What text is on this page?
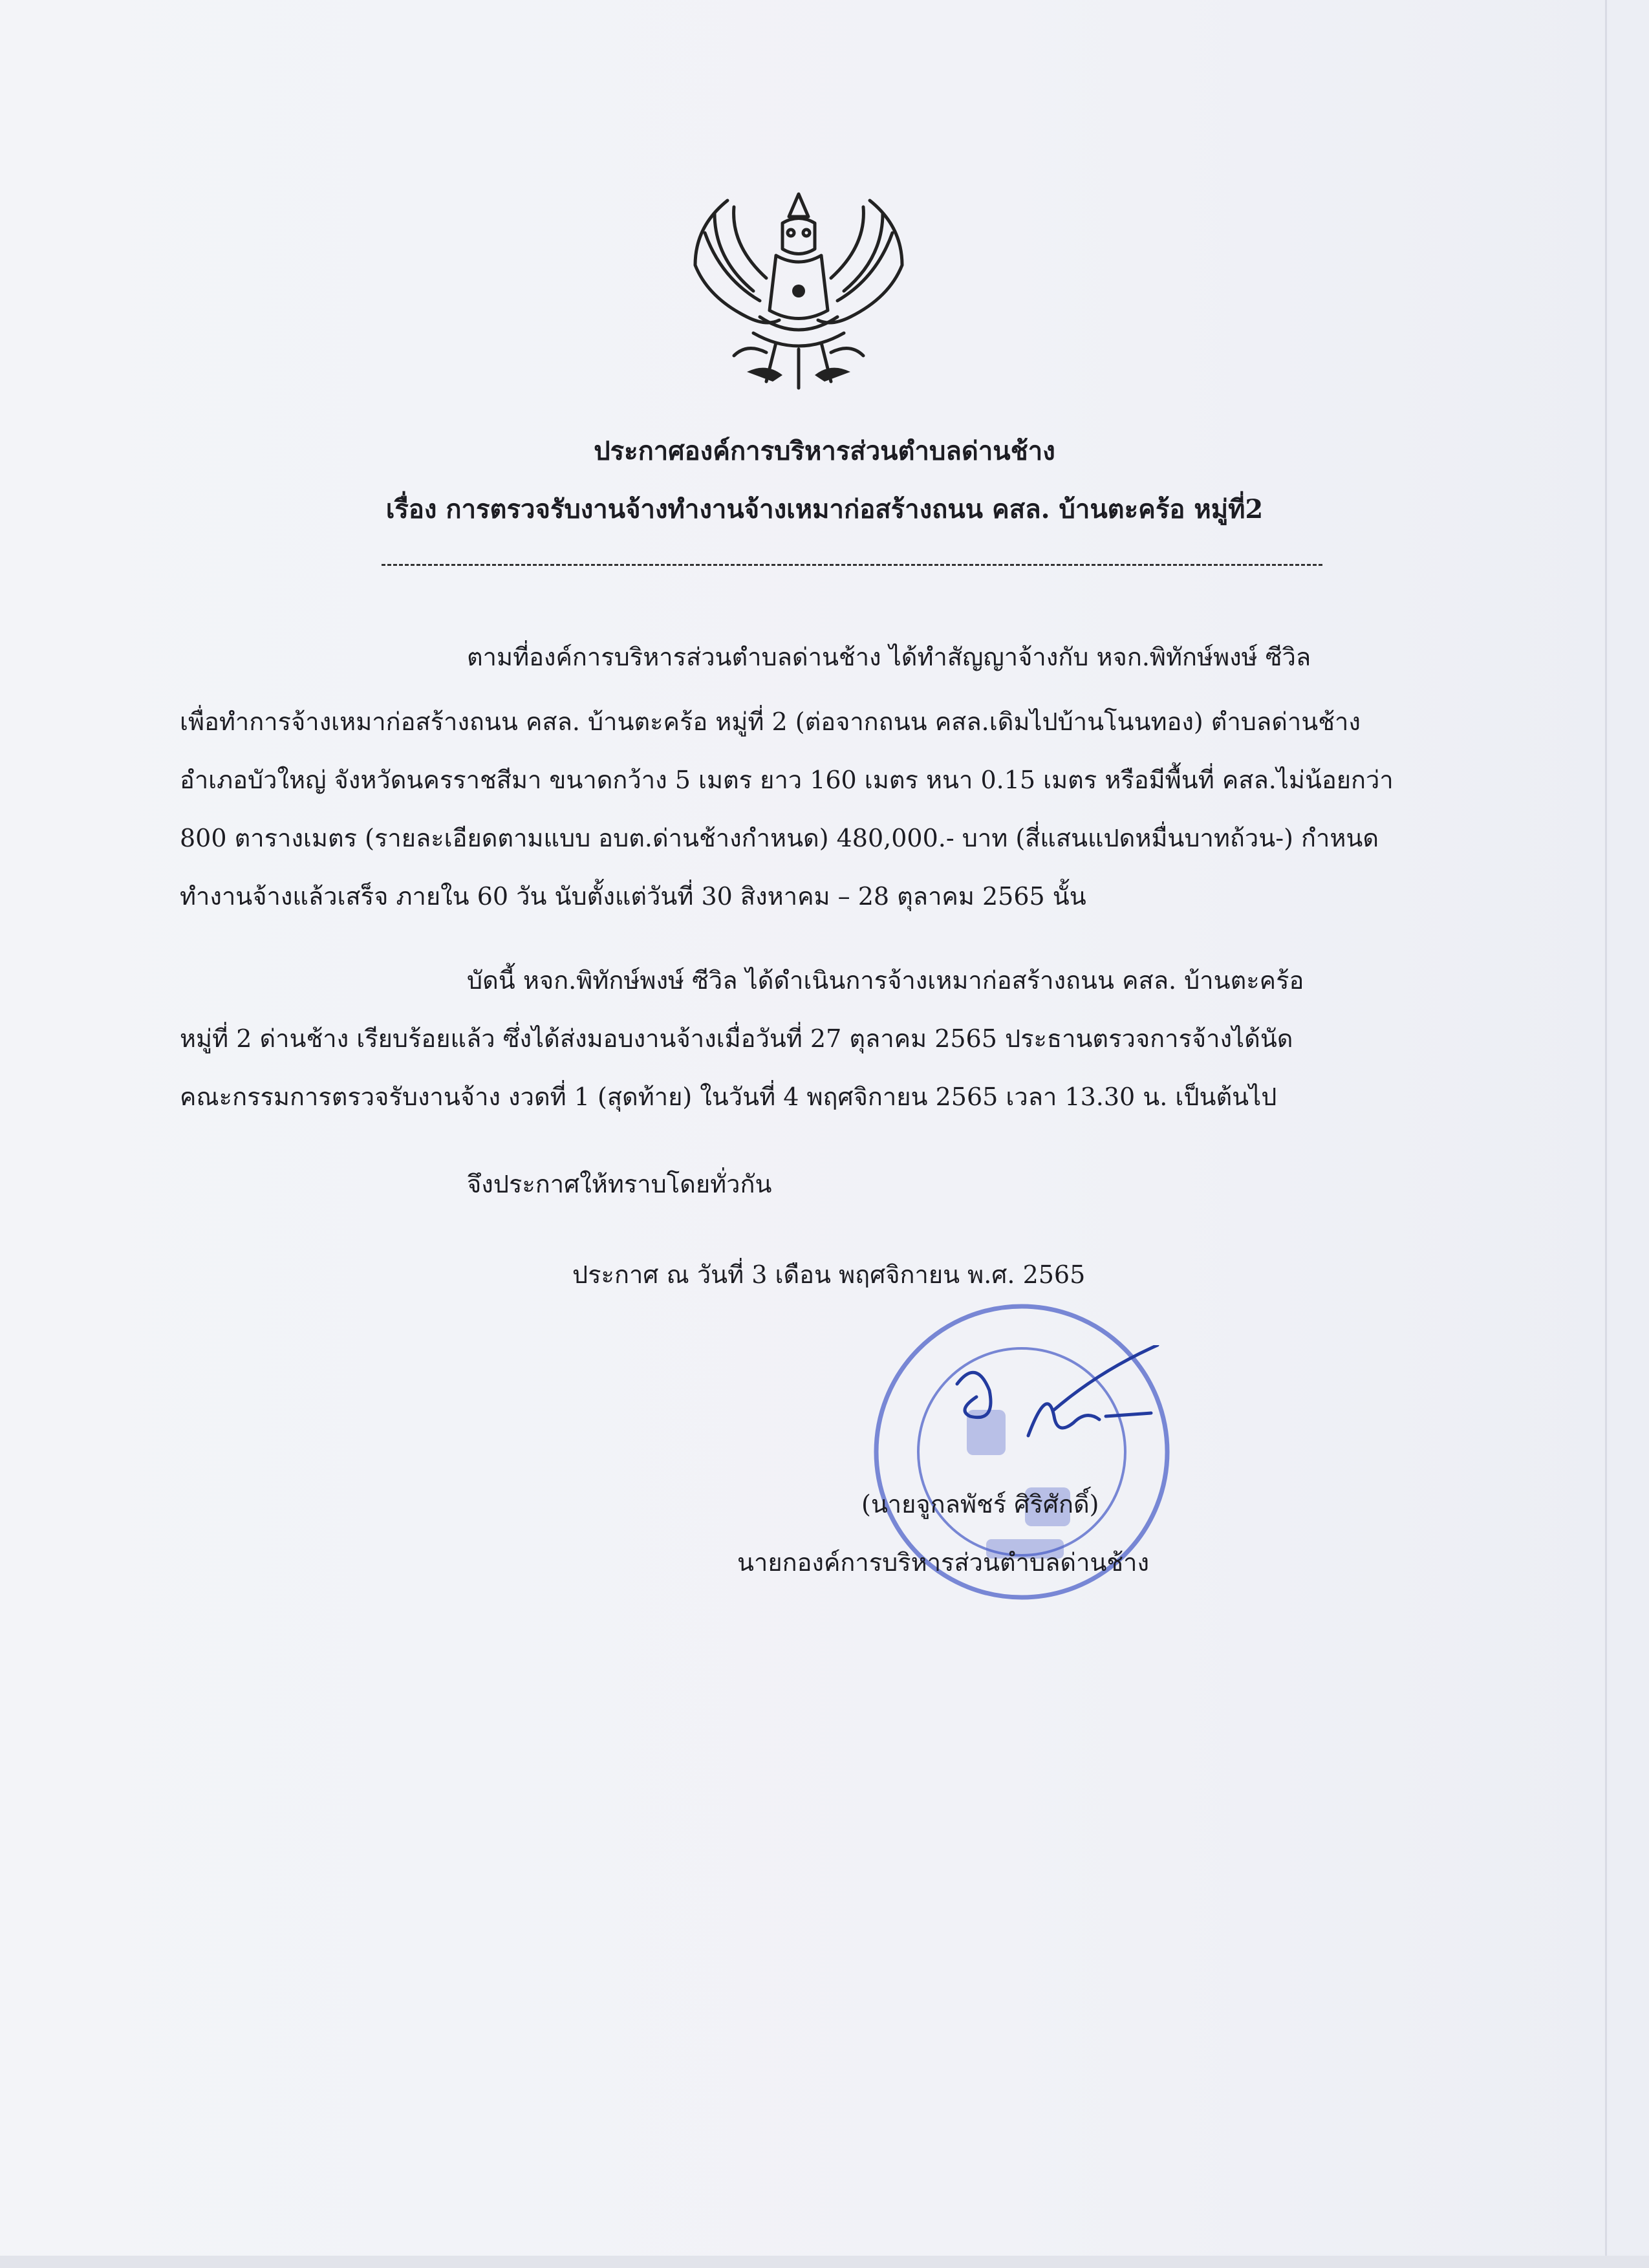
ประกาศองค์การบริหารส่วนตำบลด่านช้าง
เรื่อง การตรวจรับงานจ้างทำงานจ้างเหมาก่อสร้างถนน คสล. บ้านตะคร้อ หมู่ที่2
ตามที่องค์การบริหารส่วนตำบลด่านช้าง ได้ทำสัญญาจ้างกับ หจก.พิทักษ์พงษ์ ซีวิล
เพื่อทำการจ้างเหมาก่อสร้างถนน คสล. บ้านตะคร้อ หมู่ที่ 2 (ต่อจากถนน คสล.เดิมไปบ้านโนนทอง) ตำบลด่านช้าง
อำเภอบัวใหญ่ จังหวัดนครราชสีมา ขนาดกว้าง 5 เมตร ยาว 160 เมตร หนา 0.15 เมตร หรือมีพื้นที่ คสล.ไม่น้อยกว่า
800 ตารางเมตร (รายละเอียดตามแบบ อบต.ด่านช้างกำหนด) 480,000.- บาท (สี่แสนแปดหมื่นบาทถ้วน-) กำหนด
ทำงานจ้างแล้วเสร็จ ภายใน 60 วัน นับตั้งแต่วันที่ 30 สิงหาคม – 28 ตุลาคม 2565 นั้น
บัดนี้ หจก.พิทักษ์พงษ์ ซีวิล ได้ดำเนินการจ้างเหมาก่อสร้างถนน คสล. บ้านตะคร้อ
หมู่ที่ 2 ด่านช้าง เรียบร้อยแล้ว ซึ่งได้ส่งมอบงานจ้างเมื่อวันที่ 27 ตุลาคม 2565 ประธานตรวจการจ้างได้นัด
คณะกรรมการตรวจรับงานจ้าง งวดที่ 1 (สุดท้าย) ในวันที่ 4 พฤศจิกายน 2565 เวลา 13.30 น. เป็นต้นไป
จึงประกาศให้ทราบโดยทั่วกัน
ประกาศ ณ วันที่ 3 เดือน พฤศจิกายน พ.ศ. 2565
(นายจูกลพัชร์ ศิริศักดิ์)
นายกองค์การบริหารส่วนตำบลด่านช้าง
